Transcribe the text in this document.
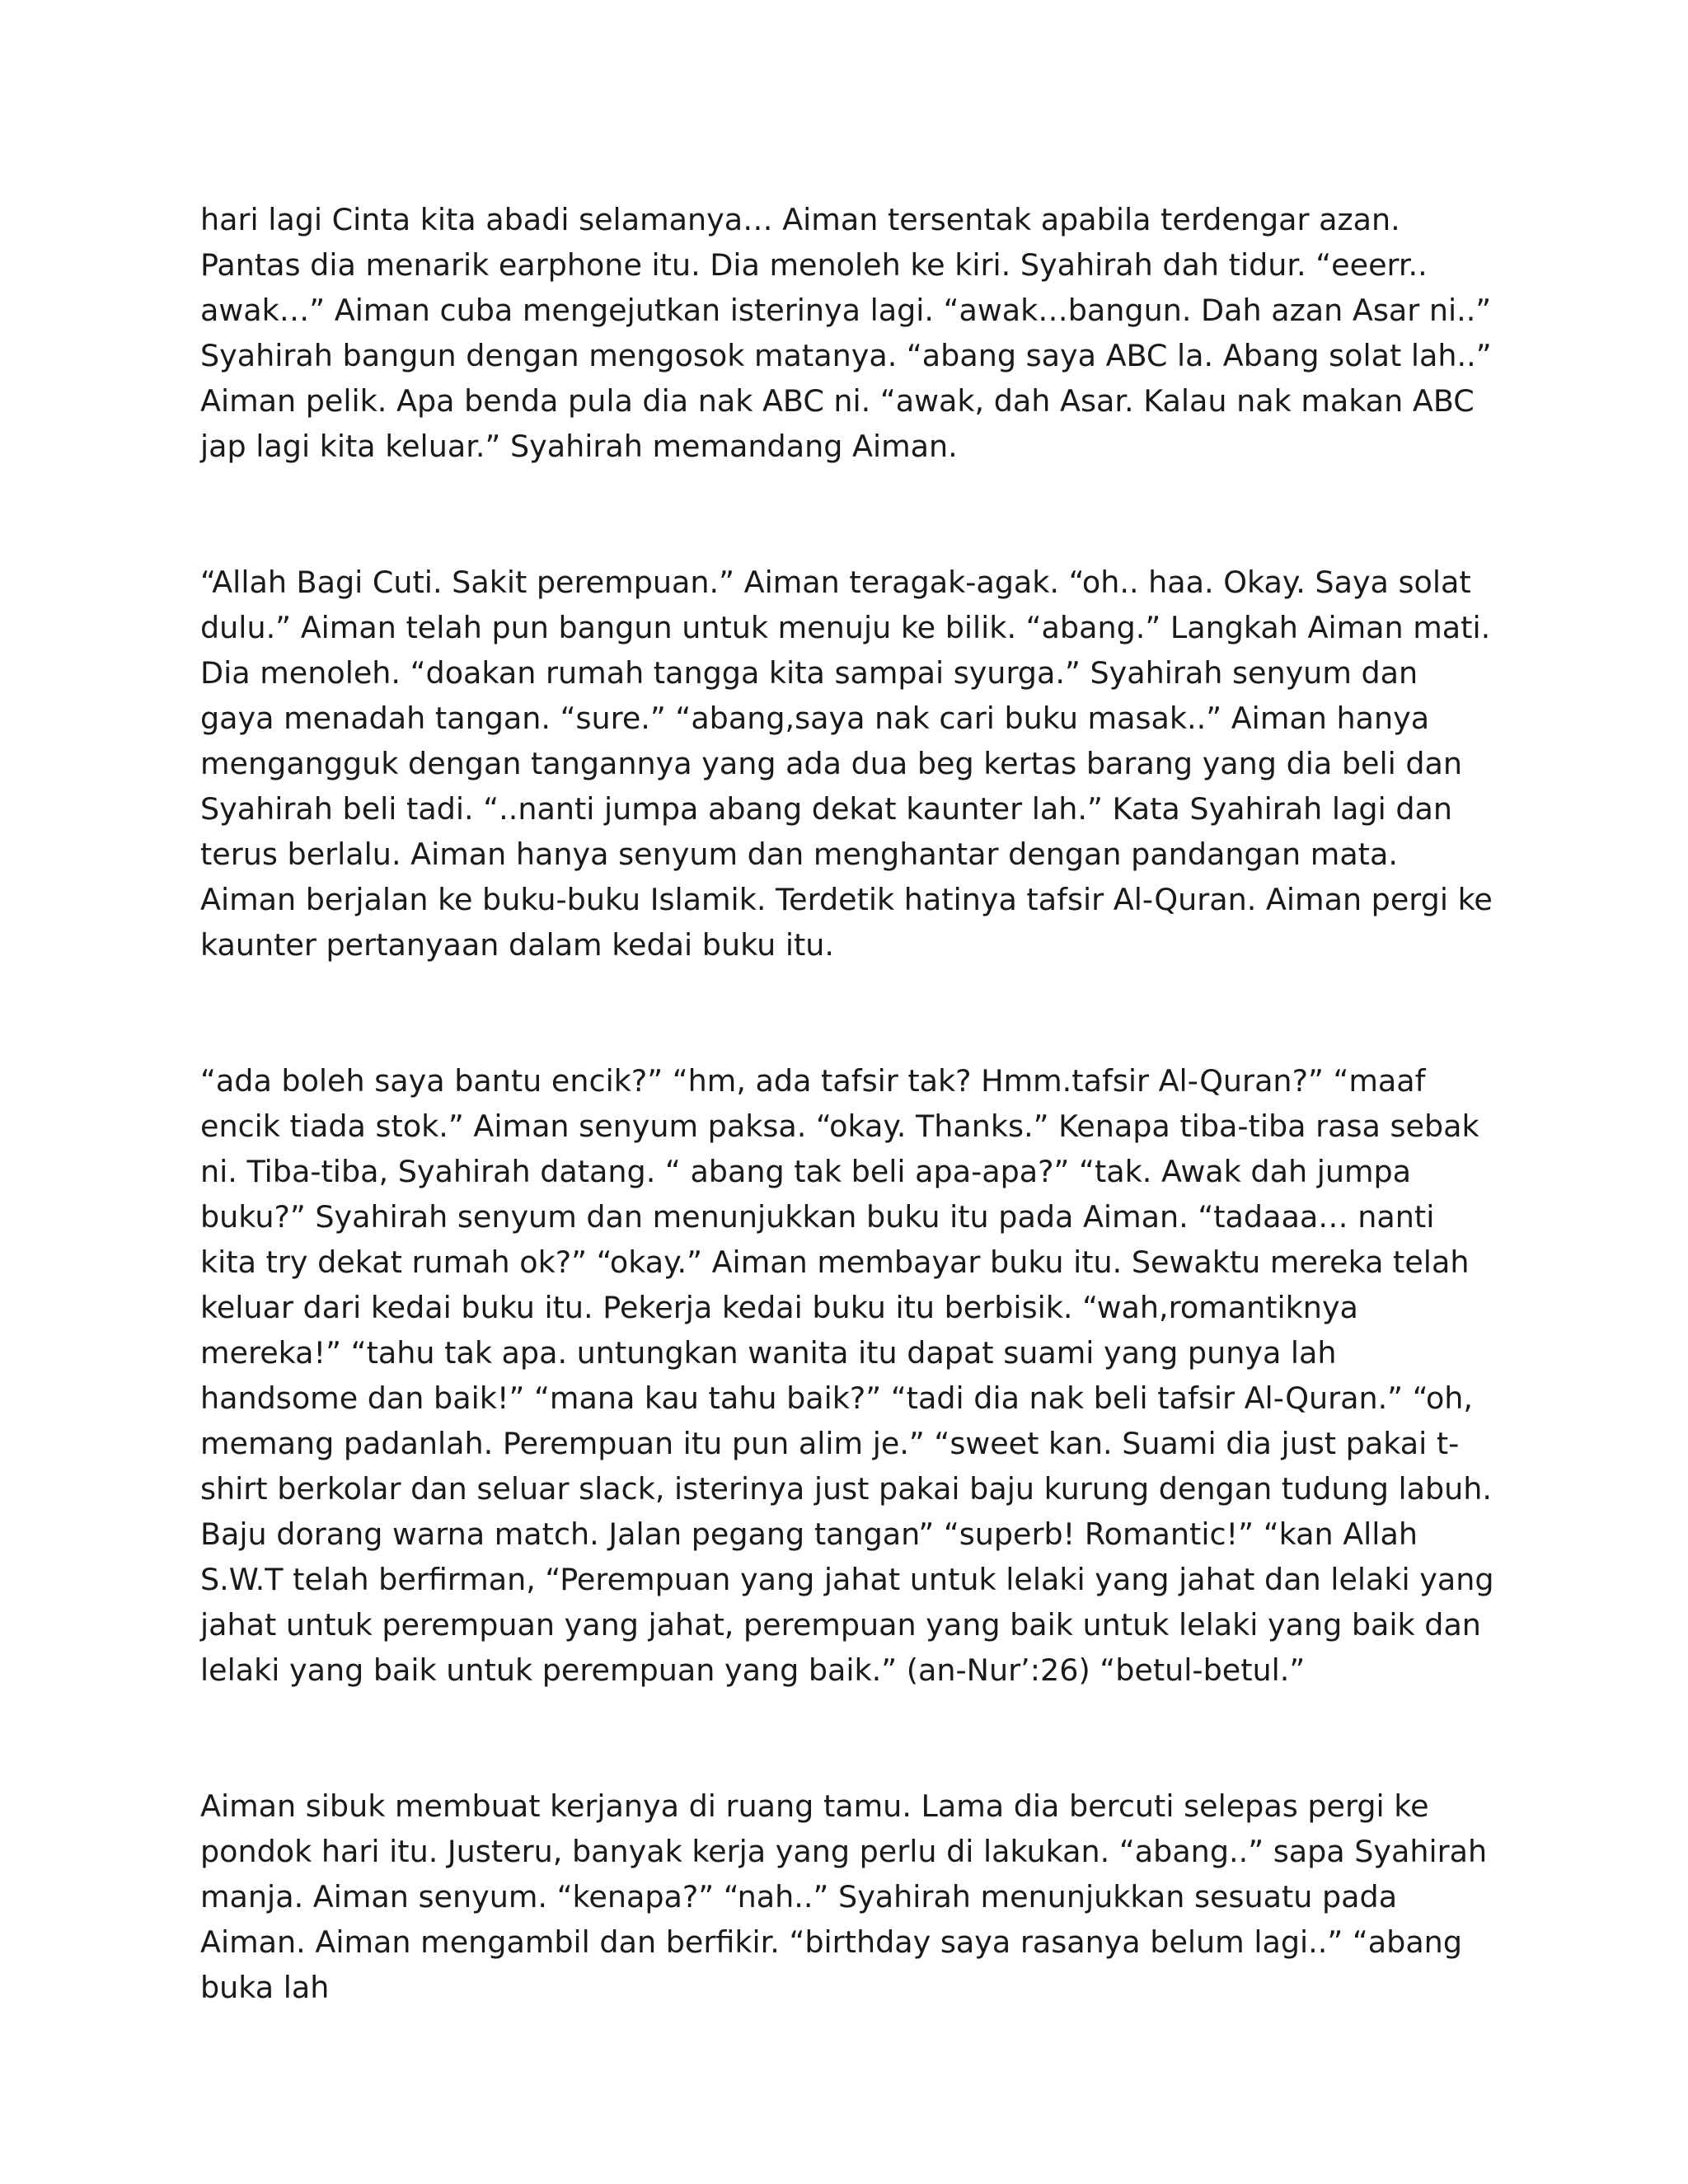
hari lagi Cinta kita abadi selamanya… Aiman tersentak apabila terdengar azan. Pantas dia menarik earphone itu. Dia menoleh ke kiri. Syahirah dah tidur. “eeerr.. awak…” Aiman cuba mengejutkan isterinya lagi. “awak…bangun. Dah azan Asar ni..” Syahirah bangun dengan mengosok matanya. “abang saya ABC la. Abang solat lah..” Aiman pelik. Apa benda pula dia nak ABC ni. “awak, dah Asar. Kalau nak makan ABC jap lagi kita keluar.” Syahirah memandang Aiman.

“Allah Bagi Cuti. Sakit perempuan.” Aiman teragak-agak. “oh.. haa. Okay. Saya solat dulu.” Aiman telah pun bangun untuk menuju ke bilik. “abang.” Langkah Aiman mati. Dia menoleh. “doakan rumah tangga kita sampai syurga.” Syahirah senyum dan gaya menadah tangan. “sure.” “abang,saya nak cari buku masak..” Aiman hanya mengangguk dengan tangannya yang ada dua beg kertas barang yang dia beli dan Syahirah beli tadi. “..nanti jumpa abang dekat kaunter lah.” Kata Syahirah lagi dan terus berlalu. Aiman hanya senyum dan menghantar dengan pandangan mata. Aiman berjalan ke buku-buku Islamik. Terdetik hatinya tafsir Al-Quran. Aiman pergi ke kaunter pertanyaan dalam kedai buku itu.

“ada boleh saya bantu encik?” “hm, ada tafsir tak? Hmm.tafsir Al-Quran?” “maaf encik tiada stok.” Aiman senyum paksa. “okay. Thanks.” Kenapa tiba-tiba rasa sebak ni. Tiba-tiba, Syahirah datang. “ abang tak beli apa-apa?” “tak. Awak dah jumpa buku?” Syahirah senyum dan menunjukkan buku itu pada Aiman. “tadaaa… nanti kita try dekat rumah ok?” “okay.” Aiman membayar buku itu. Sewaktu mereka telah keluar dari kedai buku itu. Pekerja kedai buku itu berbisik. “wah,romantiknya mereka!” “tahu tak apa. untungkan wanita itu dapat suami yang punya lah handsome dan baik!” “mana kau tahu baik?” “tadi dia nak beli tafsir Al-Quran.” “oh, memang padanlah. Perempuan itu pun alim je.” “sweet kan. Suami dia just pakai t-shirt berkolar dan seluar slack, isterinya just pakai baju kurung dengan tudung labuh. Baju dorang warna match. Jalan pegang tangan” “superb! Romantic!” “kan Allah S.W.T telah berfirman, “Perempuan yang jahat untuk lelaki yang jahat dan lelaki yang jahat untuk perempuan yang jahat, perempuan yang baik untuk lelaki yang baik dan lelaki yang baik untuk perempuan yang baik.” (an-Nur’:26) “betul-betul.”

Aiman sibuk membuat kerjanya di ruang tamu. Lama dia bercuti selepas pergi ke pondok hari itu. Justeru, banyak kerja yang perlu di lakukan. “abang..” sapa Syahirah manja. Aiman senyum. “kenapa?” “nah..” Syahirah menunjukkan sesuatu pada Aiman. Aiman mengambil dan berfikir. “birthday saya rasanya belum lagi..” “abang buka lah
